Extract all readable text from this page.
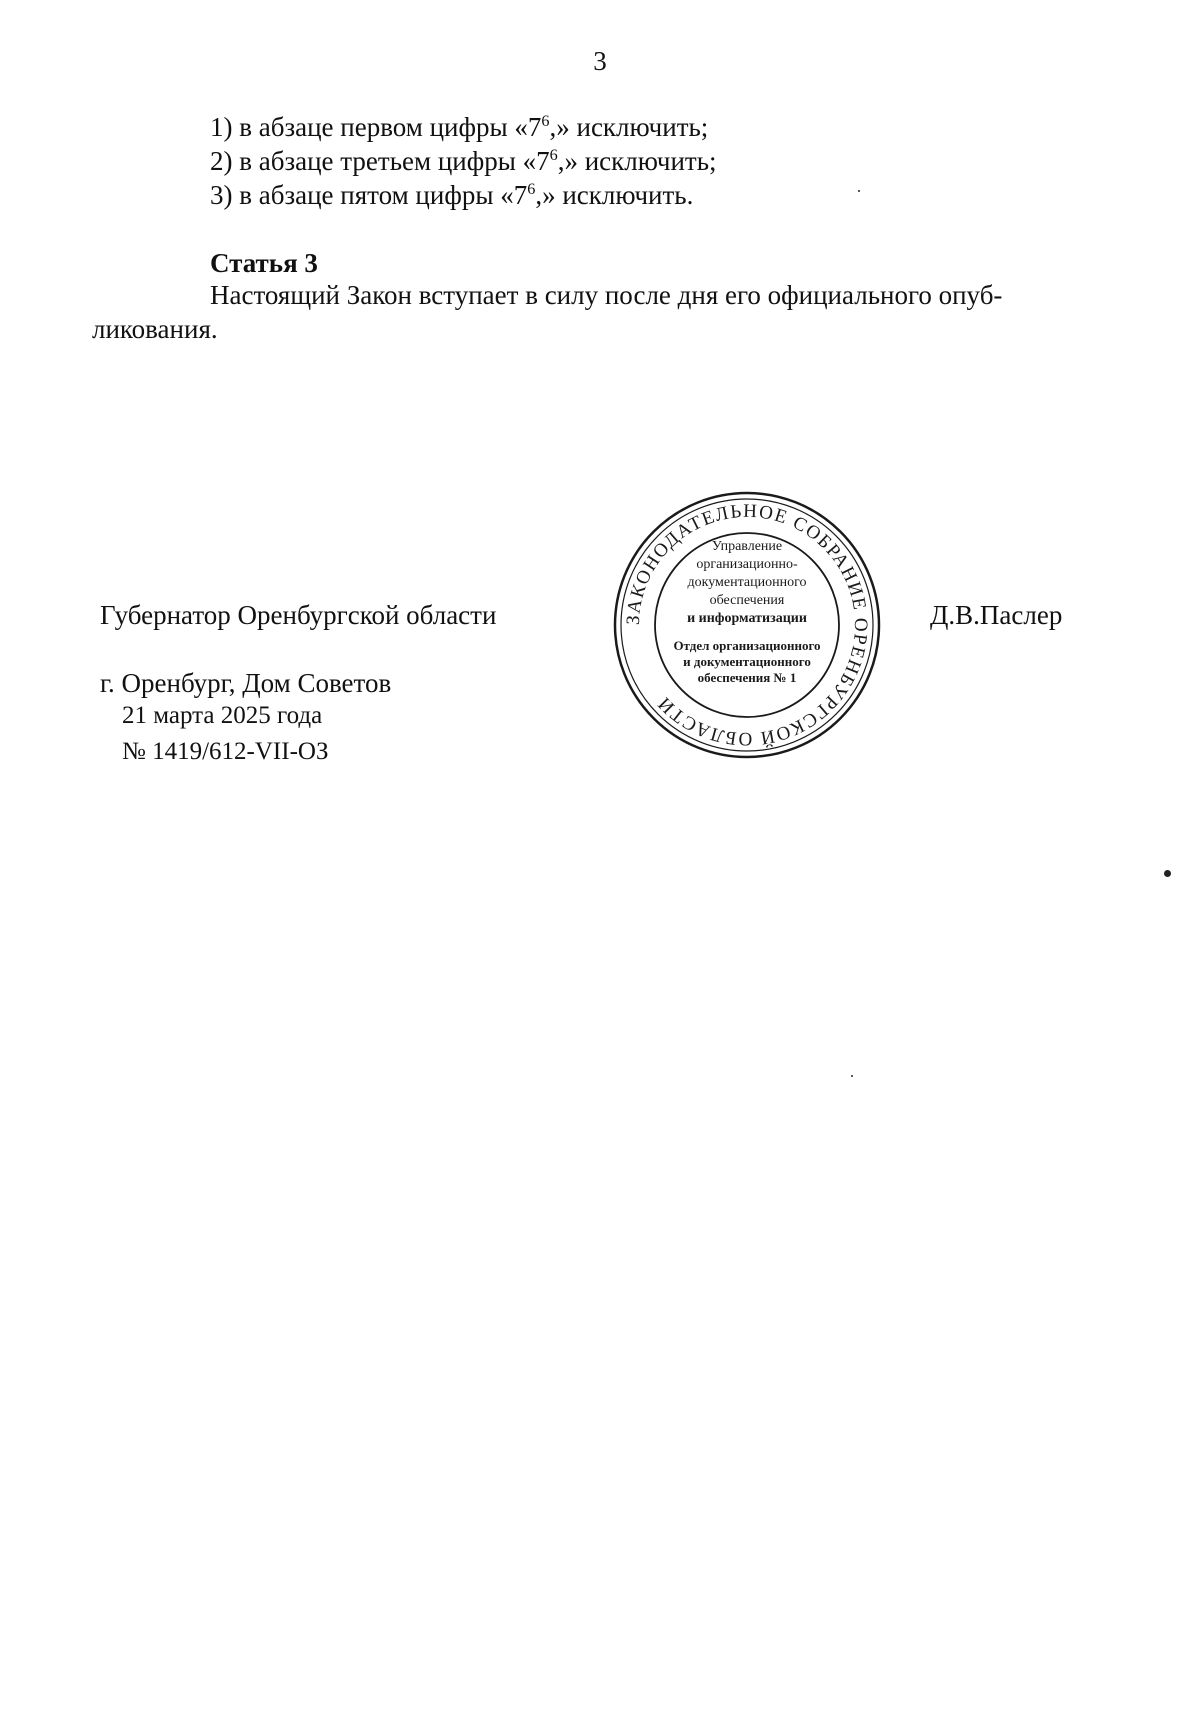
3
1) в абзаце первом цифры «$7^6$,» исключить;
2) в абзаце третьем цифры «$7^6$,» исключить;
3) в абзаце пятом цифры «$7^6$,» исключить.
Статья 3
Настоящий Закон вступает в силу после дня его официального опуб-
ликования.
Губернатор Оренбургской области	ЗАКОНОДАТЕЛЬНОЕ СОБРАНИЕ ОРЕНБУРГСКОЙ ОБЛАСТИ
Управление
организационно-
документационного
обеспечения
и информатизации
Отдел организационного
и документационного
обеспечения № 1
Д.В.Паслер
г. Оренбург, Дом Советов
21 марта 2025 года
№ 1419/612-VII-ОЗ
